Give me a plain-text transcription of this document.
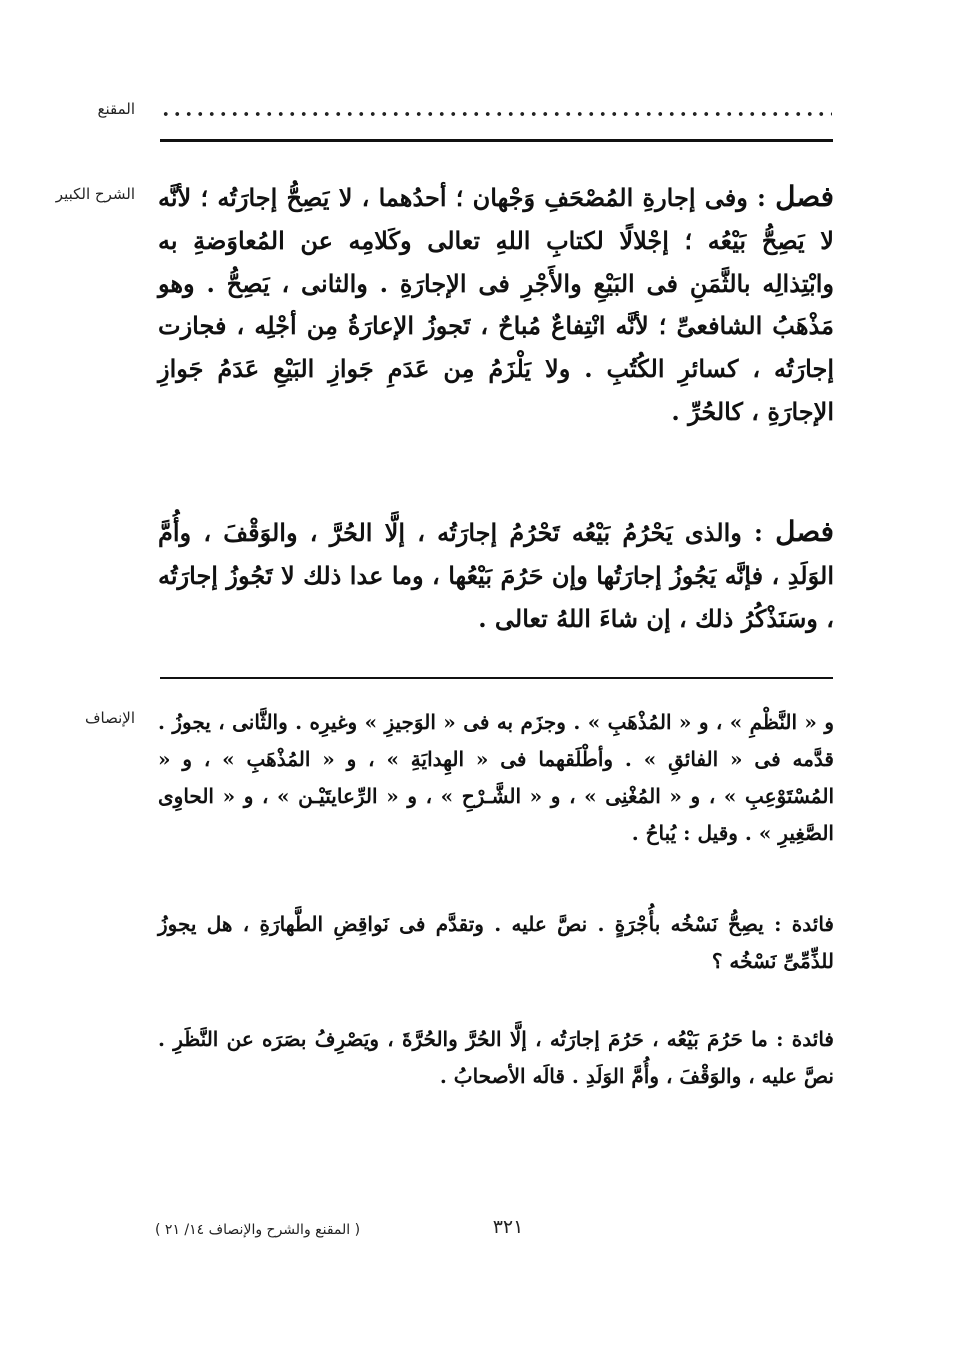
المقنع
الشرح الكبير	فصل : وفى إجارةِ المُصْحَفِ وَجْهان ؛ أحدُهما ، لا يَصِحُّ إجارَتُه ؛ لأنَّه لا يَصِحُّ بَيْعُه ؛ إجْلالًا لكتابِ اللهِ تعالى وكَلامِه عن المُعاوَضةِ به وابْتِذالِه بالثَّمَنِ فى البَيْعِ والأَجْرِ فى الإجارَةِ . والثانى ، يَصِحُّ . وهو مَذْهَبُ الشافعىِّ ؛ لأنَّه انْتِفاعٌ مُباحٌ ، تَجوزُ الإعارَةُ مِن أجْلِه ، فجازت إجارَتُه ، كسائرِ الكُتُبِ . ولا يَلْزَمُ مِن عَدَمِ جَوازِ البَيْعِ عَدَمُ جَوازِ الإجارَةِ ، كالحُرِّ .

فصل : والذى يَحْرُمُ بَيْعُه تَحْرُمُ إجارَتُه ، إلَّا الحُرَّ ، والوَقْفَ ، وأُمَّ الوَلَدِ ، فإنَّه يَجُوزُ إجارَتُها وإن حَرُمَ بَيْعُها ، وما عدا ذلك لا تَجُوزُ إجارَتُه ، وسَنَذْكُرُ ذلك ، إن شاءَ اللهُ تعالى .

الإنصاف و « النَّظْمِ » ، و « المُذْهَبِ » . وجزَم به فى « الوَجيزِ » وغيرِه . والثَّانى ، يجوزُ . قدَّمه فى « الفائقِ » . وأطْلَقهما فى « الهِدايَةِ » ، و « المُذْهَبِ » ، و « المُسْتَوْعِبِ » ، و « المُغْنِى » ، و « الشَّـرْحِ » ، و « الرِّعايتَيْـن » ، و « الحاوِى الصَّغِيرِ » . وقيل : يُباحُ .

فائدة : يصِحُّ نَسْخُه بأُجْرَةٍ . نصَّ عليه . وتقدَّم فى نَواقِضِ الطَّهارَةِ ، هل يجوزُ للذِّمِّىِّ نَسْخُه ؟

فائدة : ما حَرُمَ بَيْعُه ، حَرُمَ إجارَتُه ، إلَّا الحُرَّ والحُرَّةَ ، ويَصْرِفُ بصَرَه عن النَّظَرِ . نصَّ عليه ، والوَقْفَ ، وأُمَّ الوَلَدِ . قالَه الأصحابُ .

٣٢١
( المقنع والشرح والإنصاف ١٤/ ٢١ )
